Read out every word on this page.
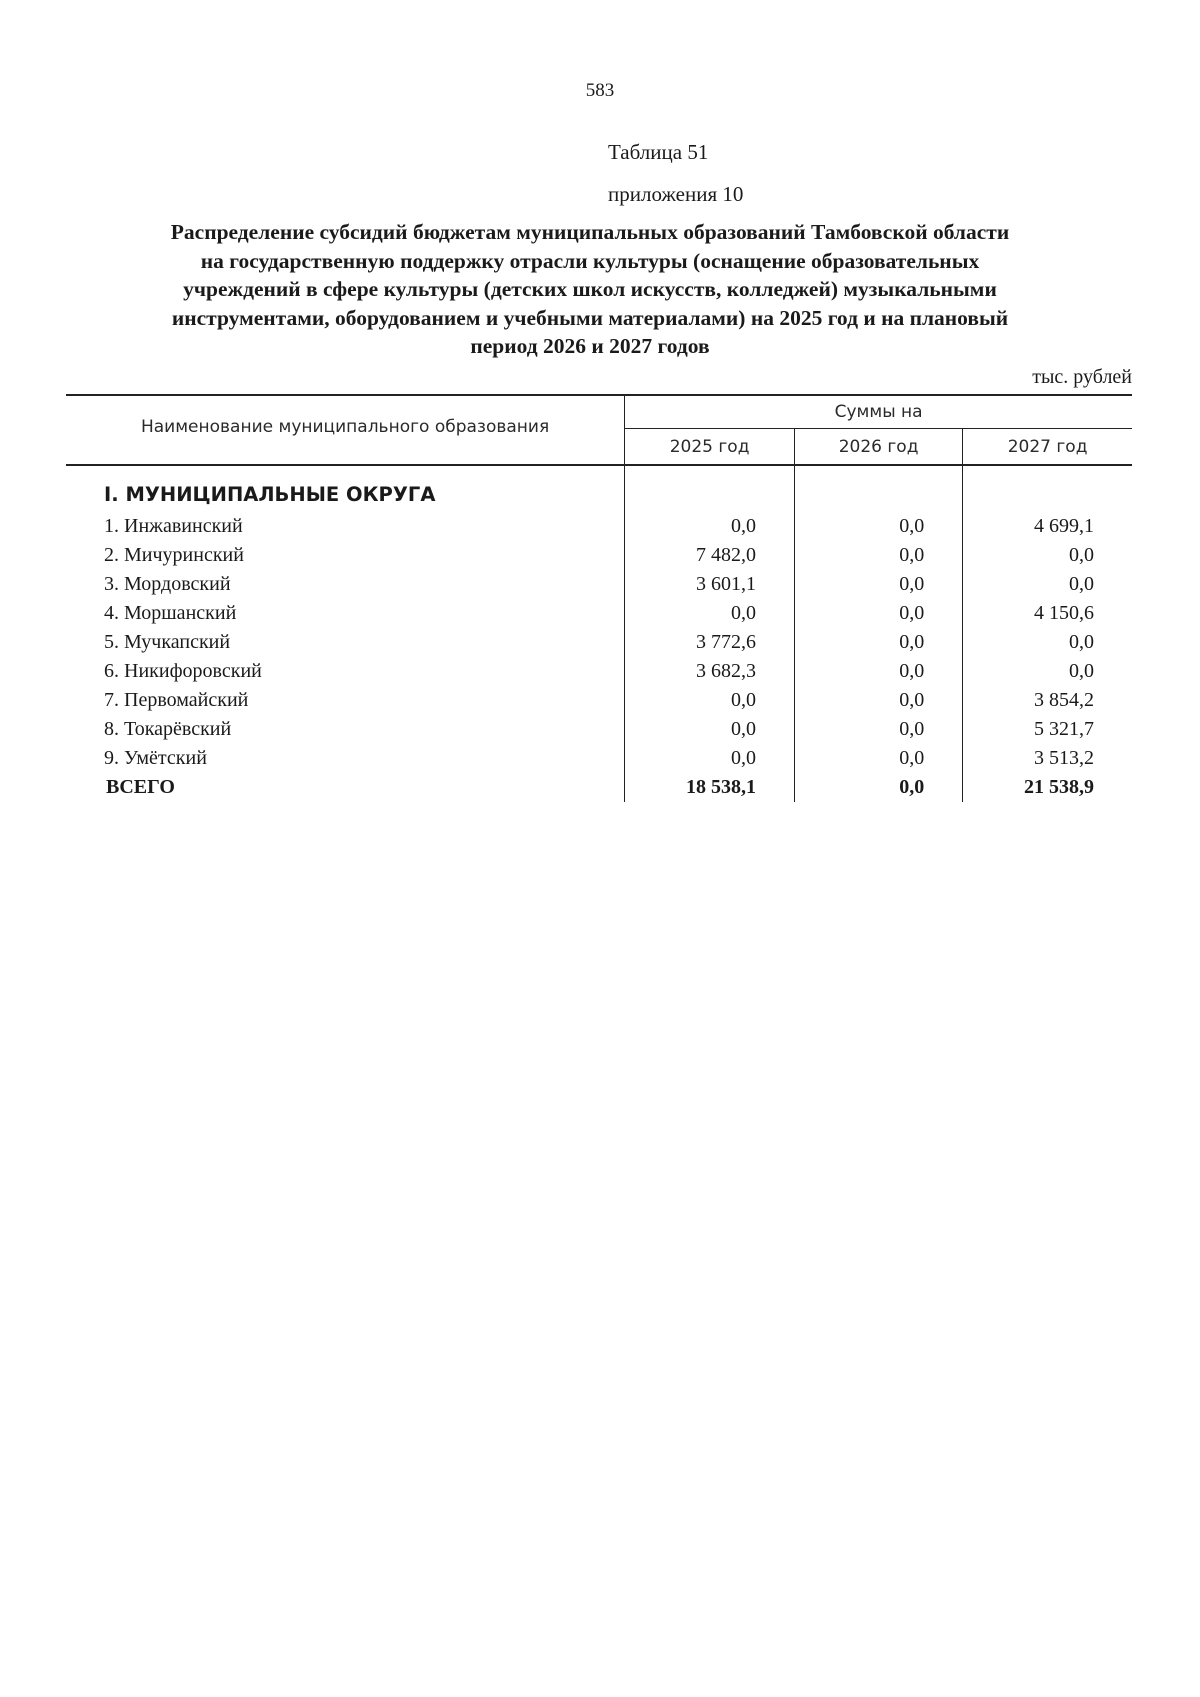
583
Таблица 51
приложения 10
Распределение субсидий бюджетам муниципальных образований Тамбовской области
на государственную поддержку отрасли культуры (оснащение образовательных
учреждений в сфере культуры (детских школ искусств, колледжей) музыкальными
инструментами, оборудованием и учебными материалами) на 2025 год и на плановый
период 2026 и 2027 годов
тыс. рублей
Наименование муниципального образования	Суммы на		
	2025 год	2026 год	2027 год

I. МУНИЦИПАЛЬНЫЕ ОКРУГА			
1. Инжавинский	0,0	0,0	4 699,1
2. Мичуринский	7 482,0	0,0	0,0
3. Мордовский	3 601,1	0,0	0,0
4. Моршанский	0,0	0,0	4 150,6
5. Мучкапский	3 772,6	0,0	0,0
6. Никифоровский	3 682,3	0,0	0,0
7. Первомайский	0,0	0,0	3 854,2
8. Токарёвский	0,0	0,0	5 321,7
9. Умётский	0,0	0,0	3 513,2
ВСЕГО	18 538,1	0,0	21 538,9
